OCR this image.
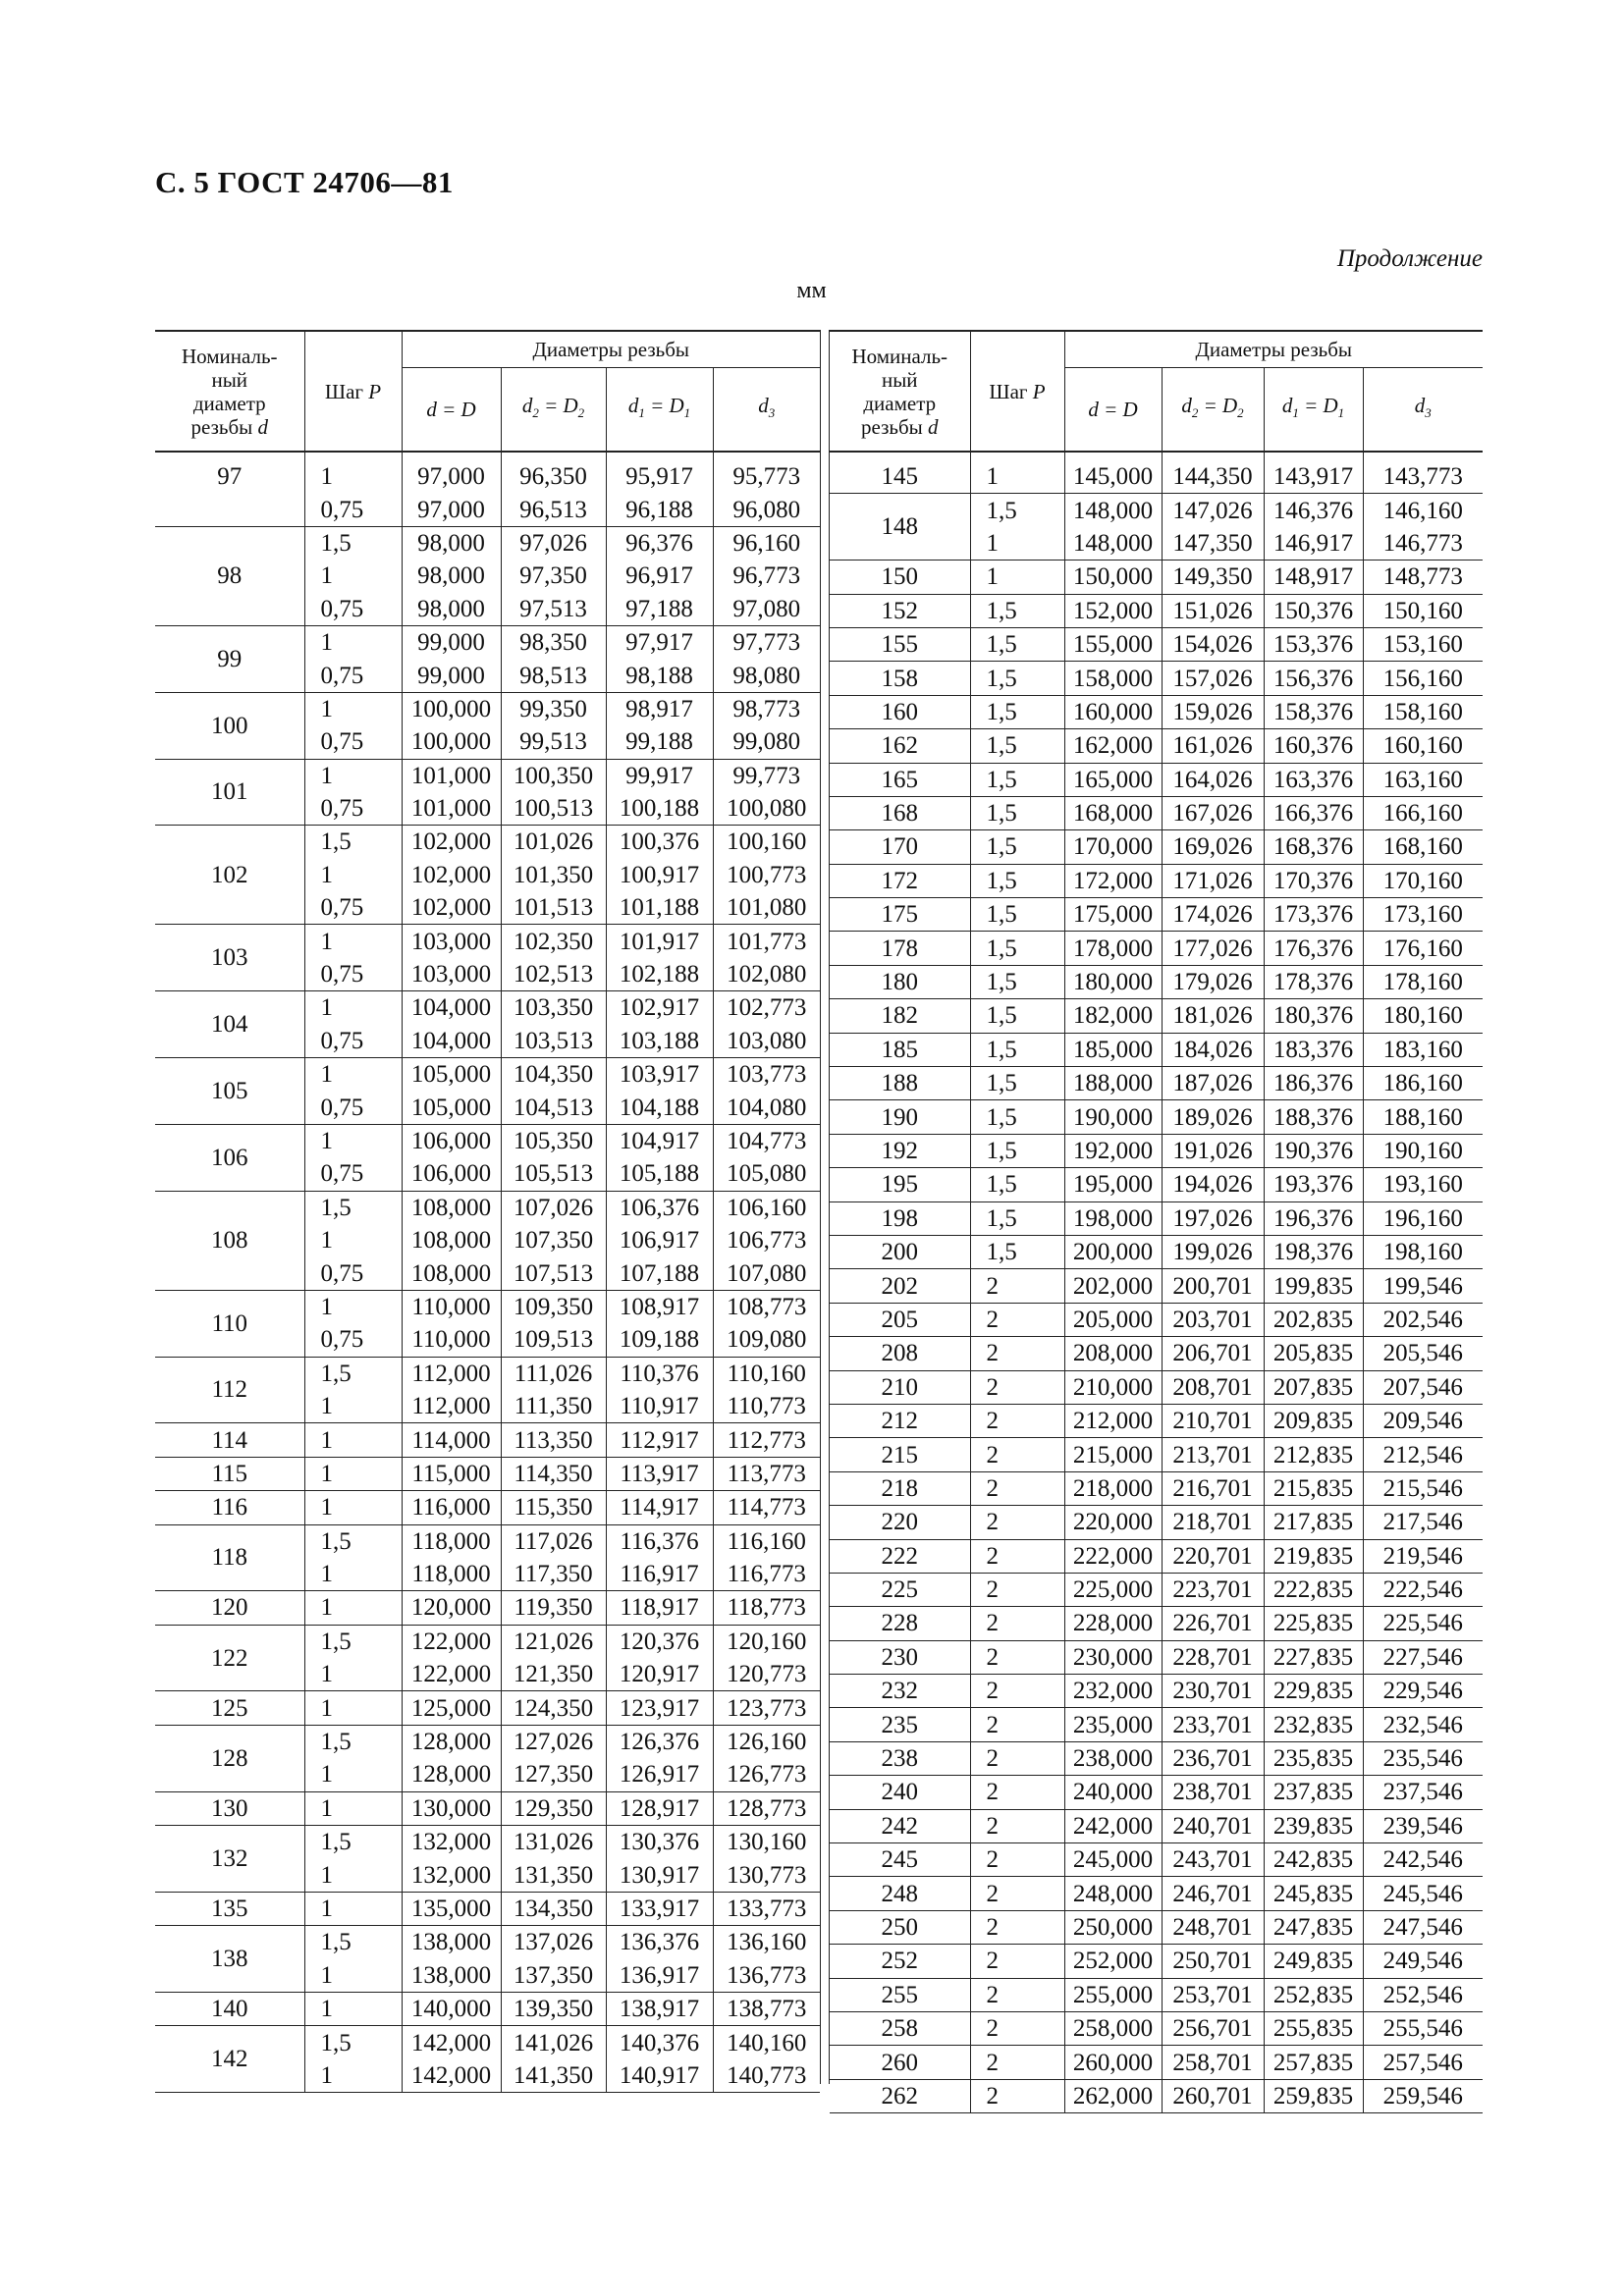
С. 5 ГОСТ 24706—81
Продолжение
мм
Номиналь-
ный
диаметр
резьбы d	Шаг P	Диаметры резьбы			
		d = D	$d_2 = D_2$	$d_1 = D_1$	$d_3$
97	1	97,000	96,350	95,917	95,773
	0,75	97,000	96,513	96,188	96,080
98	1,5	98,000	97,026	96,376	96,160
	1	98,000	97,350	96,917	96,773
	0,75	98,000	97,513	97,188	97,080
99	1	99,000	98,350	97,917	97,773
	0,75	99,000	98,513	98,188	98,080
100	1	100,000	99,350	98,917	98,773
	0,75	100,000	99,513	99,188	99,080
101	1	101,000	100,350	99,917	99,773
	0,75	101,000	100,513	100,188	100,080
102	1,5	102,000	101,026	100,376	100,160
	1	102,000	101,350	100,917	100,773
	0,75	102,000	101,513	101,188	101,080
103	1	103,000	102,350	101,917	101,773
	0,75	103,000	102,513	102,188	102,080
104	1	104,000	103,350	102,917	102,773
	0,75	104,000	103,513	103,188	103,080
105	1	105,000	104,350	103,917	103,773
	0,75	105,000	104,513	104,188	104,080
106	1	106,000	105,350	104,917	104,773
	0,75	106,000	105,513	105,188	105,080
108	1,5	108,000	107,026	106,376	106,160
	1	108,000	107,350	106,917	106,773
	0,75	108,000	107,513	107,188	107,080
110	1	110,000	109,350	108,917	108,773
	0,75	110,000	109,513	109,188	109,080
112	1,5	112,000	111,026	110,376	110,160
	1	112,000	111,350	110,917	110,773
114	1	114,000	113,350	112,917	112,773
115	1	115,000	114,350	113,917	113,773
116	1	116,000	115,350	114,917	114,773
118	1,5	118,000	117,026	116,376	116,160
	1	118,000	117,350	116,917	116,773
120	1	120,000	119,350	118,917	118,773
122	1,5	122,000	121,026	120,376	120,160
	1	122,000	121,350	120,917	120,773
125	1	125,000	124,350	123,917	123,773
128	1,5	128,000	127,026	126,376	126,160
	1	128,000	127,350	126,917	126,773
130	1	130,000	129,350	128,917	128,773
132	1,5	132,000	131,026	130,376	130,160
	1	132,000	131,350	130,917	130,773
135	1	135,000	134,350	133,917	133,773
138	1,5	138,000	137,026	136,376	136,160
	1	138,000	137,350	136,917	136,773
140	1	140,000	139,350	138,917	138,773
142	1,5	142,000	141,026	140,376	140,160
	1	142,000	141,350	140,917	140,773
Номиналь-
ный
диаметр
резьбы d	Шаг P	Диаметры резьбы			
		d = D	$d_2 = D_2$	$d_1 = D_1$	$d_3$
145	1	145,000	144,350	143,917	143,773
148	1,5	148,000	147,026	146,376	146,160
	1	148,000	147,350	146,917	146,773
150	1	150,000	149,350	148,917	148,773
152	1,5	152,000	151,026	150,376	150,160
155	1,5	155,000	154,026	153,376	153,160
158	1,5	158,000	157,026	156,376	156,160
160	1,5	160,000	159,026	158,376	158,160
162	1,5	162,000	161,026	160,376	160,160
165	1,5	165,000	164,026	163,376	163,160
168	1,5	168,000	167,026	166,376	166,160
170	1,5	170,000	169,026	168,376	168,160
172	1,5	172,000	171,026	170,376	170,160
175	1,5	175,000	174,026	173,376	173,160
178	1,5	178,000	177,026	176,376	176,160
180	1,5	180,000	179,026	178,376	178,160
182	1,5	182,000	181,026	180,376	180,160
185	1,5	185,000	184,026	183,376	183,160
188	1,5	188,000	187,026	186,376	186,160
190	1,5	190,000	189,026	188,376	188,160
192	1,5	192,000	191,026	190,376	190,160
195	1,5	195,000	194,026	193,376	193,160
198	1,5	198,000	197,026	196,376	196,160
200	1,5	200,000	199,026	198,376	198,160
202	2	202,000	200,701	199,835	199,546
205	2	205,000	203,701	202,835	202,546
208	2	208,000	206,701	205,835	205,546
210	2	210,000	208,701	207,835	207,546
212	2	212,000	210,701	209,835	209,546
215	2	215,000	213,701	212,835	212,546
218	2	218,000	216,701	215,835	215,546
220	2	220,000	218,701	217,835	217,546
222	2	222,000	220,701	219,835	219,546
225	2	225,000	223,701	222,835	222,546
228	2	228,000	226,701	225,835	225,546
230	2	230,000	228,701	227,835	227,546
232	2	232,000	230,701	229,835	229,546
235	2	235,000	233,701	232,835	232,546
238	2	238,000	236,701	235,835	235,546
240	2	240,000	238,701	237,835	237,546
242	2	242,000	240,701	239,835	239,546
245	2	245,000	243,701	242,835	242,546
248	2	248,000	246,701	245,835	245,546
250	2	250,000	248,701	247,835	247,546
252	2	252,000	250,701	249,835	249,546
255	2	255,000	253,701	252,835	252,546
258	2	258,000	256,701	255,835	255,546
260	2	260,000	258,701	257,835	257,546
262	2	262,000	260,701	259,835	259,546
